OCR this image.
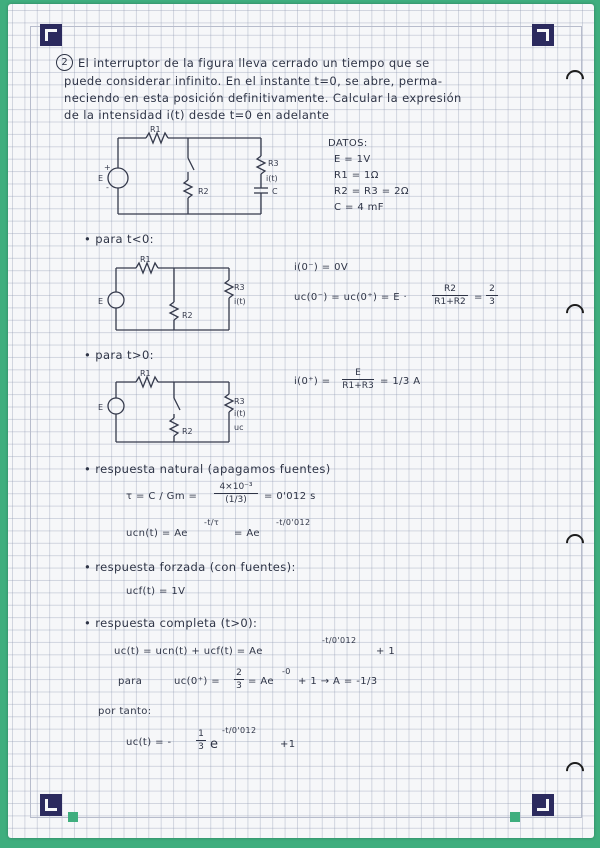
2 El interruptor de la figura lleva cerrado un tiempo que se
puede considerar infinito. En el instante t=0, se abre, perma-
neciendo en esta posición definitivamente. Calcular la expresión
de la intensidad i(t) desde t=0 en adelante
R1
R2
R3
i(t)
C
E
+
-
DATOS:
E = 1V
R1 = 1Ω
R2 = R3 = 2Ω
C = 4 mF
• para t<0:
R1
R2
R3
i(t)
E
i(0⁻) = 0V
uc(0⁻) = uc(0⁺) = E ·
R2
R1+R2 =
2
3
• para t>0:
R1
R2
R3
i(t)
uc
E
i(0⁺) =
E
R1+R3 = 1/3 A
• respuesta natural (apagamos fuentes)
τ = C / Gm =
4×10⁻³
(1/3)	= 0'012 s
ucn(t) = Ae
-t/τ
= Ae
-t/0'012
• respuesta forzada (con fuentes):
ucf(t) = 1V
• respuesta completa (t>0):
uc(t) = ucn(t) + ucf(t) = Ae
-t/0'012
+ 1
para	uc(0⁺) =
2
3 = Ae
-0
+ 1 → A = -1/3
por tanto:
uc(t) = -
1
3 e
-t/0'012
+1
